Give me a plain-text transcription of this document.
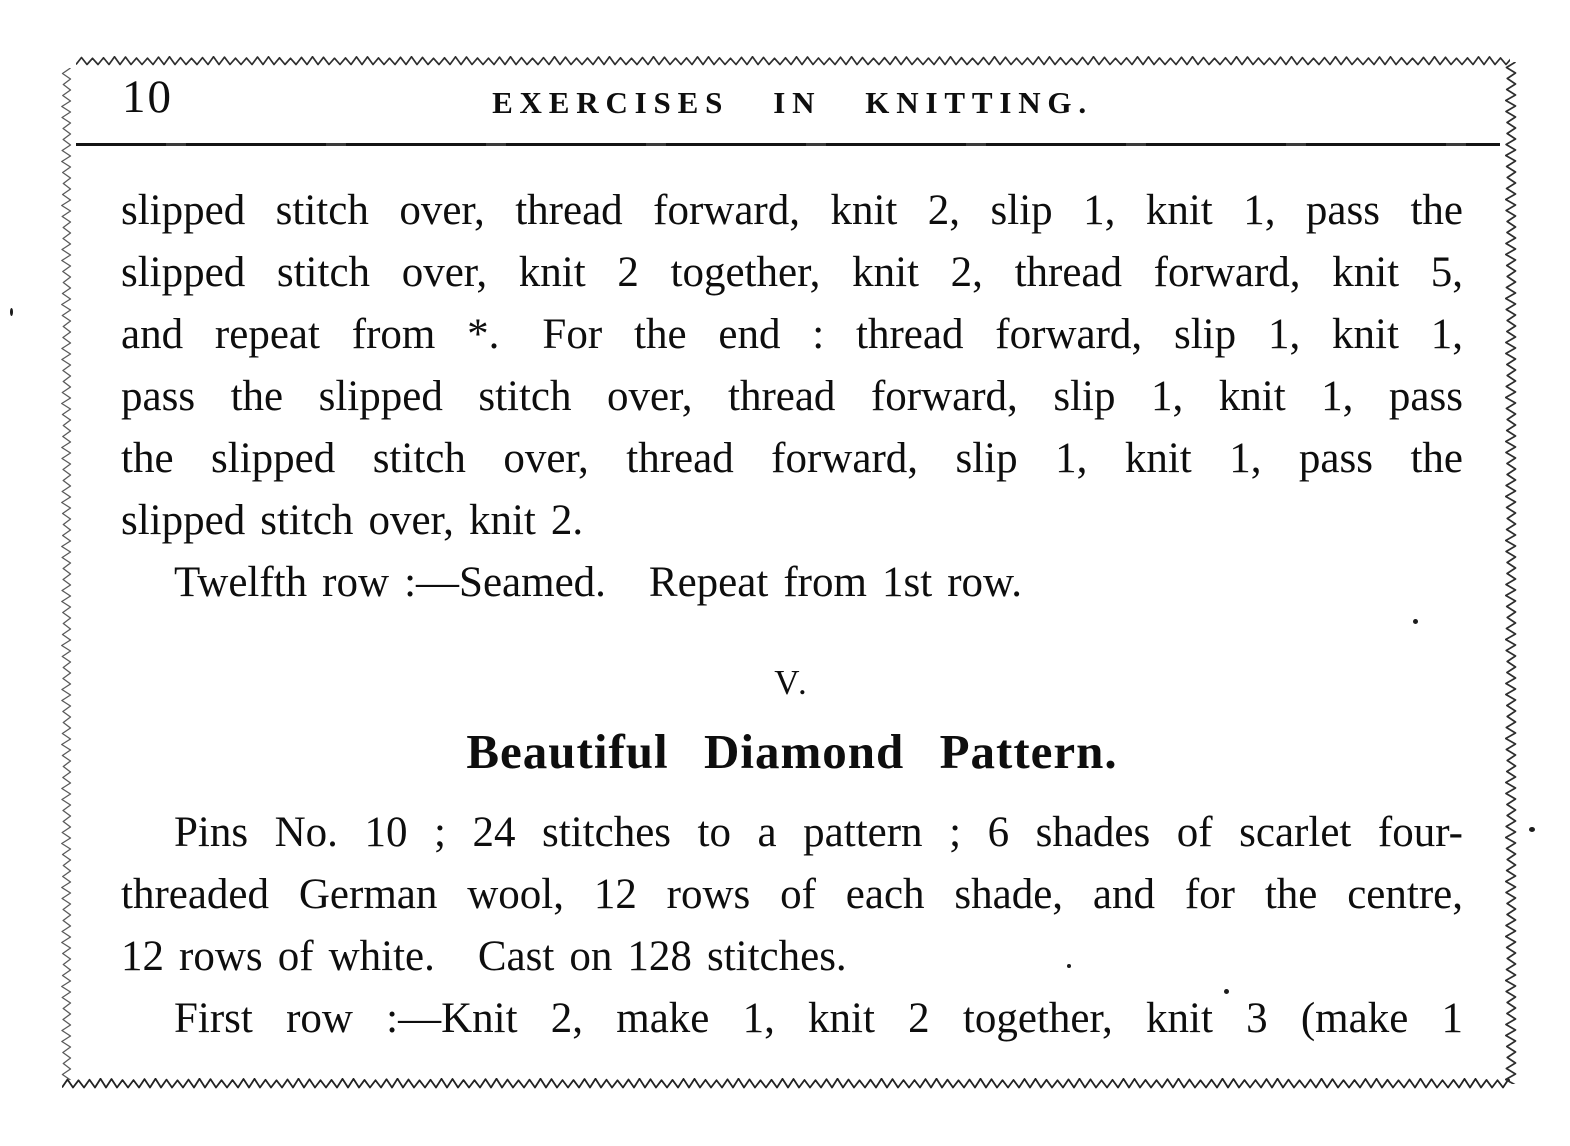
10	EXERCISES IN KNITTING.
slipped stitch over, thread forward, knit 2, slip 1, knit 1, pass the
slipped stitch over, knit 2 together, knit 2, thread forward, knit 5,
and repeat from *. For the end : thread forward, slip 1, knit 1,
pass the slipped stitch over, thread forward, slip 1, knit 1, pass
the slipped stitch over, thread forward, slip 1, knit 1, pass the
slipped stitch over, knit 2.
Twelfth row :—Seamed. Repeat from 1st row.
V.
Beautiful Diamond Pattern.
Pins No. 10 ; 24 stitches to a pattern ; 6 shades of scarlet four-
threaded German wool, 12 rows of each shade, and for the centre,
12 rows of white. Cast on 128 stitches.
First row :—Knit 2, make 1, knit 2 together, knit 3 (make 1
